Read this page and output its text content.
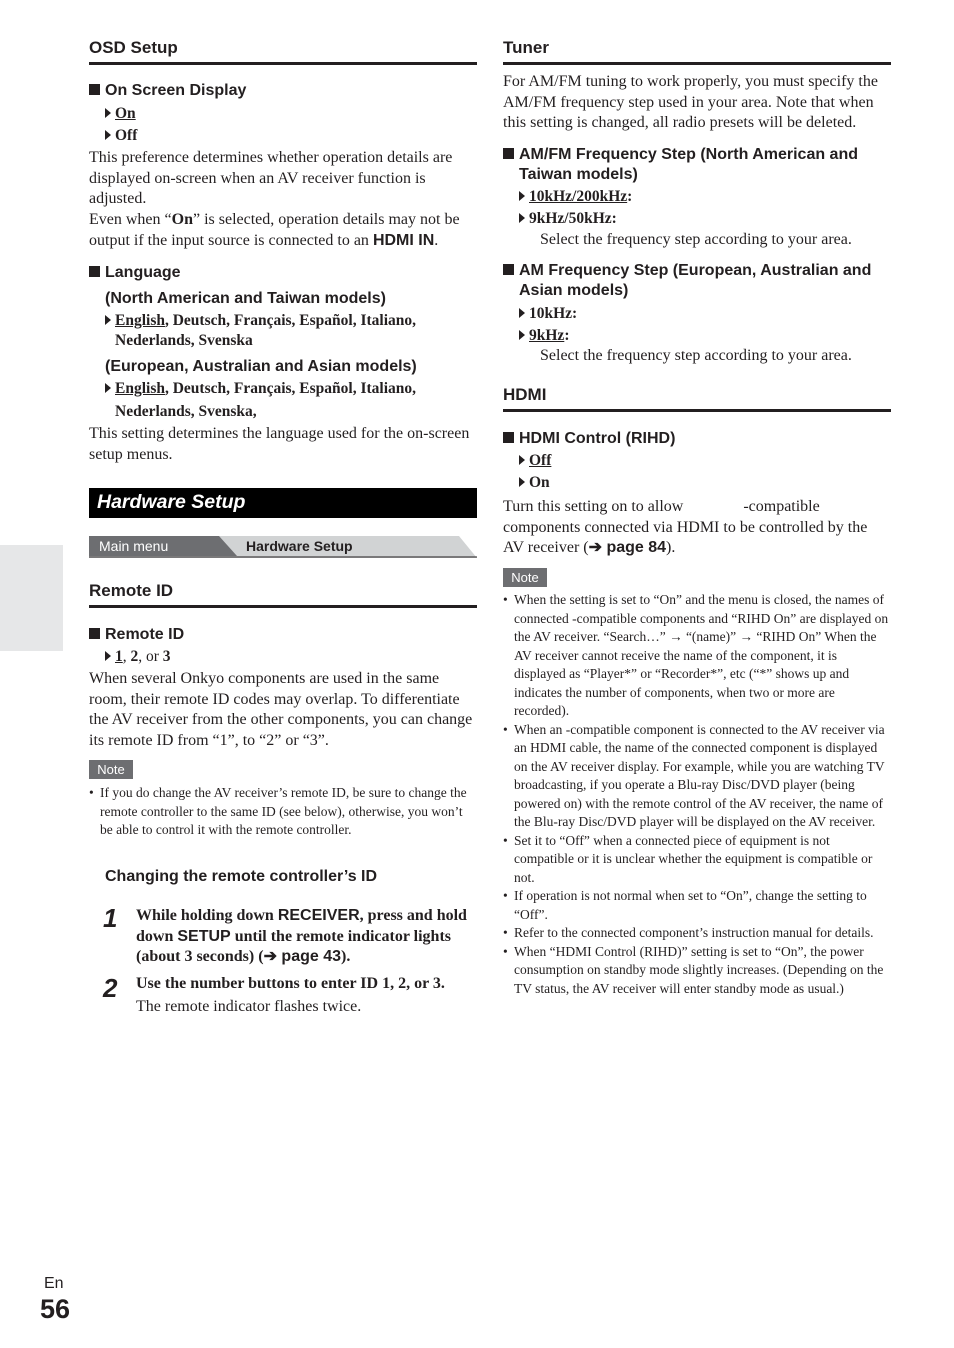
OSD Setup
On Screen Display
On
Off
This preference determines whether operation details are displayed on-screen when an AV receiver function is adjusted.
Even when “On” is selected, operation details may not be output if the input source is connected to an HDMI IN.
Language
(North American and Taiwan models)
English, Deutsch, Français, Español, Italiano,
Nederlands, Svenska
(European, Australian and Asian models)
English, Deutsch, Français, Español, Italiano,
Nederlands, Svenska,
This setting determines the language used for the on-screen setup menus.
Hardware Setup
Main menu	Hardware Setup
Remote ID
Remote ID
1, 2, or 3
When several Onkyo components are used in the same room, their remote ID codes may overlap. To differentiate the AV receiver from the other components, you can change its remote ID from “1”, to “2” or “3”.
Note
• If you do change the AV receiver’s remote ID, be sure to change the remote controller to the same ID (see below), otherwise, you won’t be able to control it with the remote controller.
Changing the remote controller’s ID
1 While holding down RECEIVER, press and hold down SETUP until the remote indicator lights (about 3 seconds) (➔ page 43).
2 Use the number buttons to enter ID 1, 2, or 3.
The remote indicator flashes twice.
Tuner
For AM/FM tuning to work properly, you must specify the AM/FM frequency step used in your area. Note that when this setting is changed, all radio presets will be deleted.
AM/FM Frequency Step (North American and Taiwan models)
10kHz/200kHz:
9kHz/50kHz:
Select the frequency step according to your area.
AM Frequency Step (European, Australian and Asian models)
10kHz:
9kHz:
Select the frequency step according to your area.
HDMI
HDMI Control (RIHD)
Off
On
Turn this setting on to allow	-compatible components connected via HDMI to be controlled by the AV receiver (➔ page 84).
Note
• When the setting is set to “On” and the menu is closed, the names of connected -compatible components and “RIHD On” are displayed on the AV receiver. “Search…” → “(name)” → “RIHD On” When the AV receiver cannot receive the name of the component, it is displayed as “Player*” or “Recorder*”, etc (“*” shows up and indicates the number of components, when two or more are recorded).
• When an -compatible component is connected to the AV receiver via an HDMI cable, the name of the connected component is displayed on the AV receiver display. For example, while you are watching TV broadcasting, if you operate a Blu-ray Disc/DVD player (being powered on) with the remote control of the AV receiver, the name of the Blu-ray Disc/DVD player will be displayed on the AV receiver.
• Set it to “Off” when a connected piece of equipment is not compatible or it is unclear whether the equipment is compatible or not.
• If operation is not normal when set to “On”, change the setting to “Off”.
• Refer to the connected component’s instruction manual for details.
• When “HDMI Control (RIHD)” setting is set to “On”, the power consumption on standby mode slightly increases. (Depending on the TV status, the AV receiver will enter standby mode as usual.)
En
56
